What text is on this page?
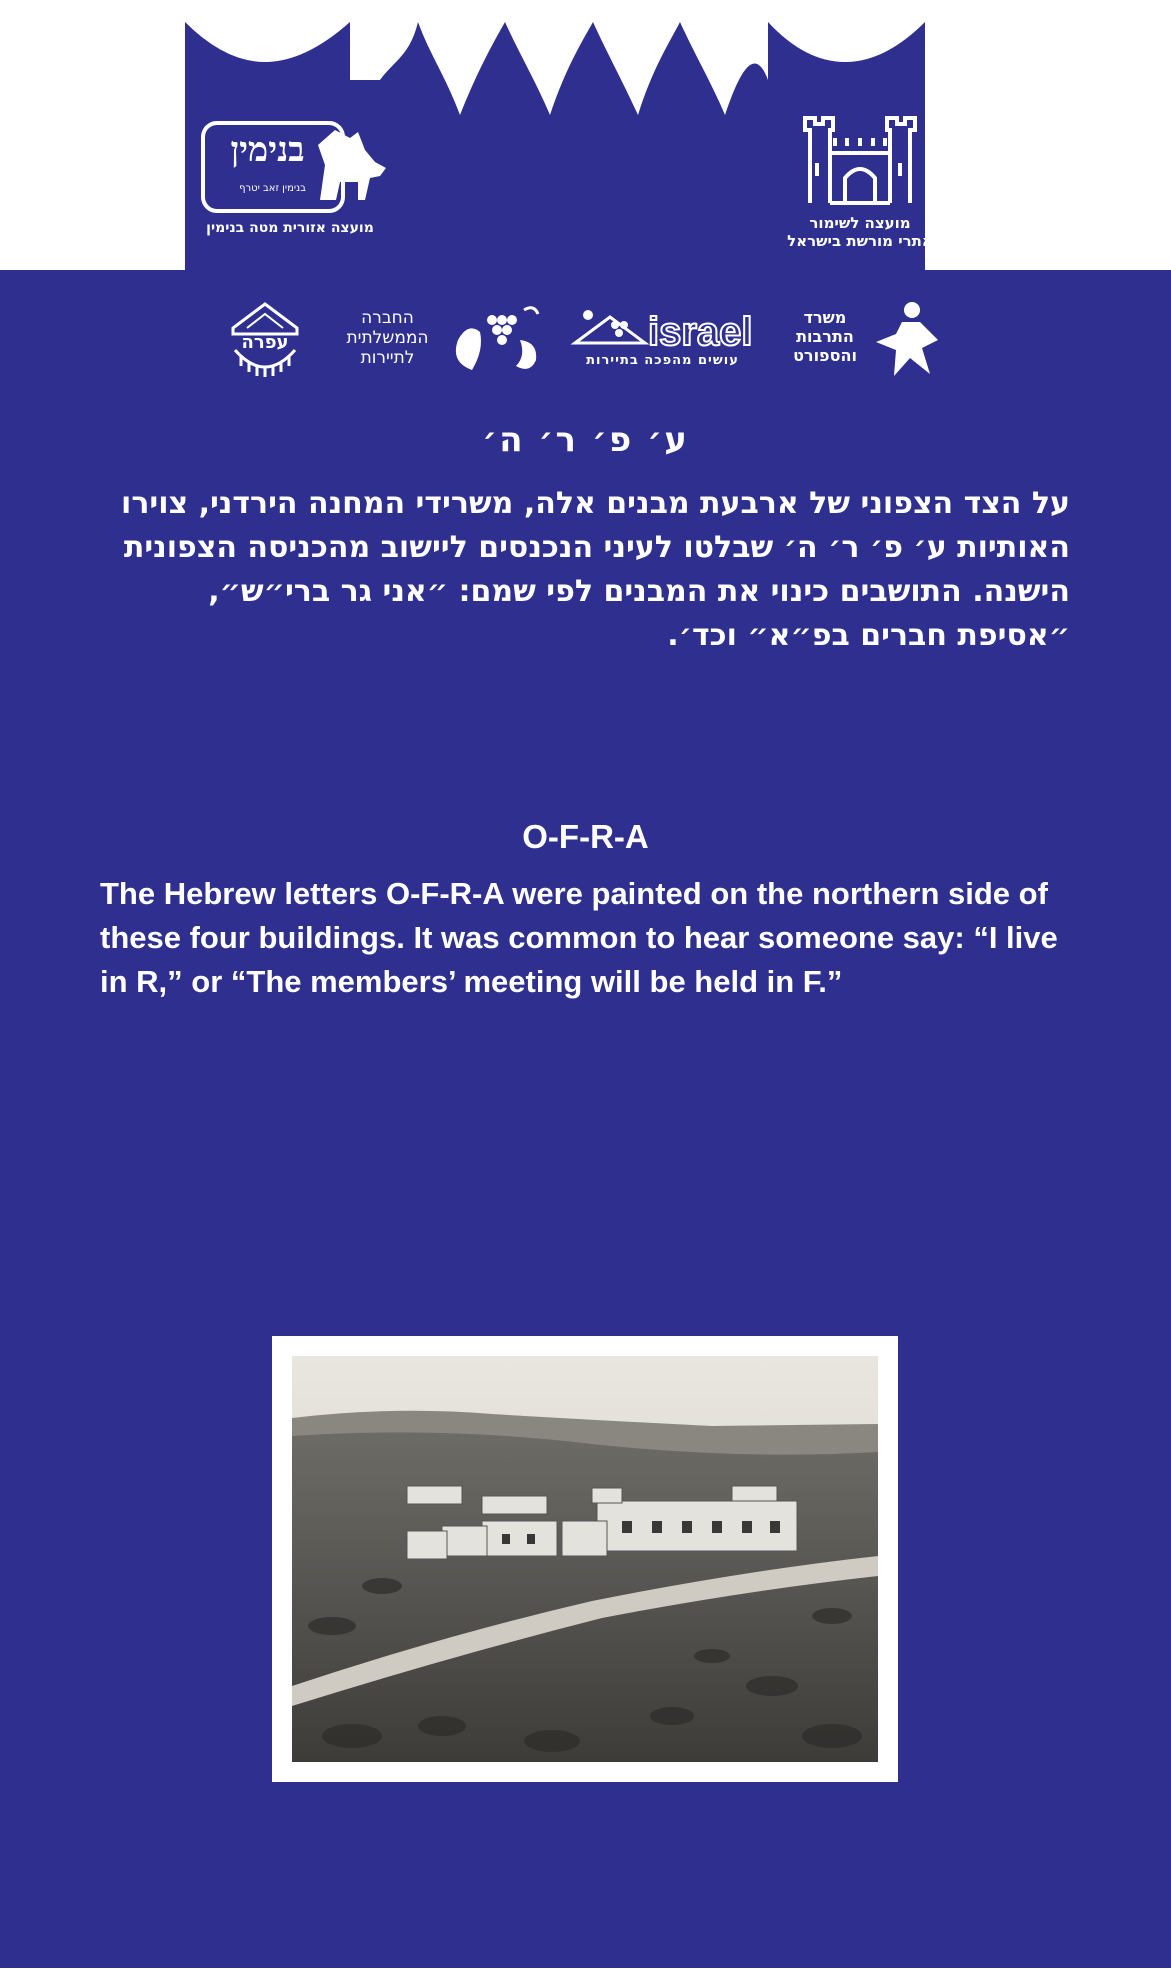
בנימין
בנימין זאב יטרף
מועצה אזורית מטה בנימין	מועצה לשימור
אתרי מורשת בישראל
משרד
התרבות
והספורט
israel
עושים מהפכה בתיירות
החברה
הממשלתית
לתיירות
עפרה
ע׳ פ׳ ר׳ ה׳
על הצד הצפוני של ארבעת מבנים אלה, משרידי המחנה הירדני, צוירו האותיות ע׳ פ׳ ר׳ ה׳ שבלטו לעיני הנכנסים ליישוב מהכניסה הצפונית הישנה. התושבים כינוי את המבנים לפי שמם: ״אני גר ברי״ש״, ״אסיפת חברים בפ״א״ וכד׳.
O-F-R-A
The Hebrew letters O-F-R-A were painted on the northern side of these four buildings. It was common to hear someone say: “I live in R,” or “The members’ meeting will be held in F.”
